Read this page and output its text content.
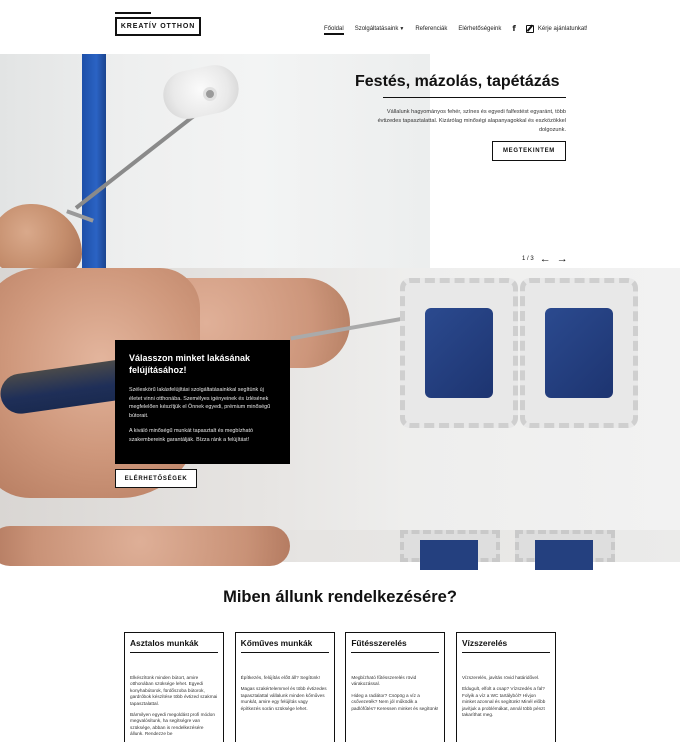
KREATÍV OTTHON	Főoldal Szolgáltatásaink▼ Referenciák Elérhetőségeink f	Kérje ajánlatunkat!
Festés, mázolás, tapétázás
Vállalunk hagyományos fehér, színes és egyedi falfestést egyaránt, több évtizedes tapasztalattal. Kizárólag minőségi alapanyagokkal és eszközökkel dolgozunk.
MEGTEKINTEM
1 / 3 ← →
Válasszon minket lakásának felújításához!
Széleskörű lakásfelújítási szolgáltatásainkkal segítünk új életet vinni otthonába. Személyes igényeinek és ízlésének megfelelően készítjük el Önnek egyedi, prémium minőségű bútorait.
A kiváló minőségű munkát tapasztalt és megbízható szakembereink garantálják. Bízza ránk a felújítást!
ELÉRHETŐSÉGEK
Miben állunk rendelkezésére?
Asztalos munkák
Elkészítünk minden bútort, amire otthonában szüksége lehet. Egyedi konyhabútorok, fürdőszoba bútorok, gardróbok készítése több évtized szakmai tapasztalattal.
Bármilyen egyedi megoldást profi módon megvalósítunk, ha segítségre van szüksége, abban is rendelkezésére állunk. Rendezze be
Kőműves munkák
Építkezés, felújítás előtt áll? Segítünk!
Magas szakértelemmel és több évtizedes tapasztalattal vállalunk minden kőműves munkát, amire egy felújítás vagy építkezés során szüksége lehet.
Fűtésszerelés
Megbízható fűtésszerelés rövid várakozással.
Hideg a radiátor? Csöpög a víz a csővezeték? Nem jól működik a padlófűtés? Keressen minket és segítünk!
Vízszerelés
Vízszerelés, javítás rövid határidővel.
Eldugult, elfolt a csap? Vízszedés a fal? Folyik a víz a WC tartályból? Hívjon minket azonnal és segítünk! Minél előbb javítjuk a problémákat, annál több pénzt takaríthat meg.
